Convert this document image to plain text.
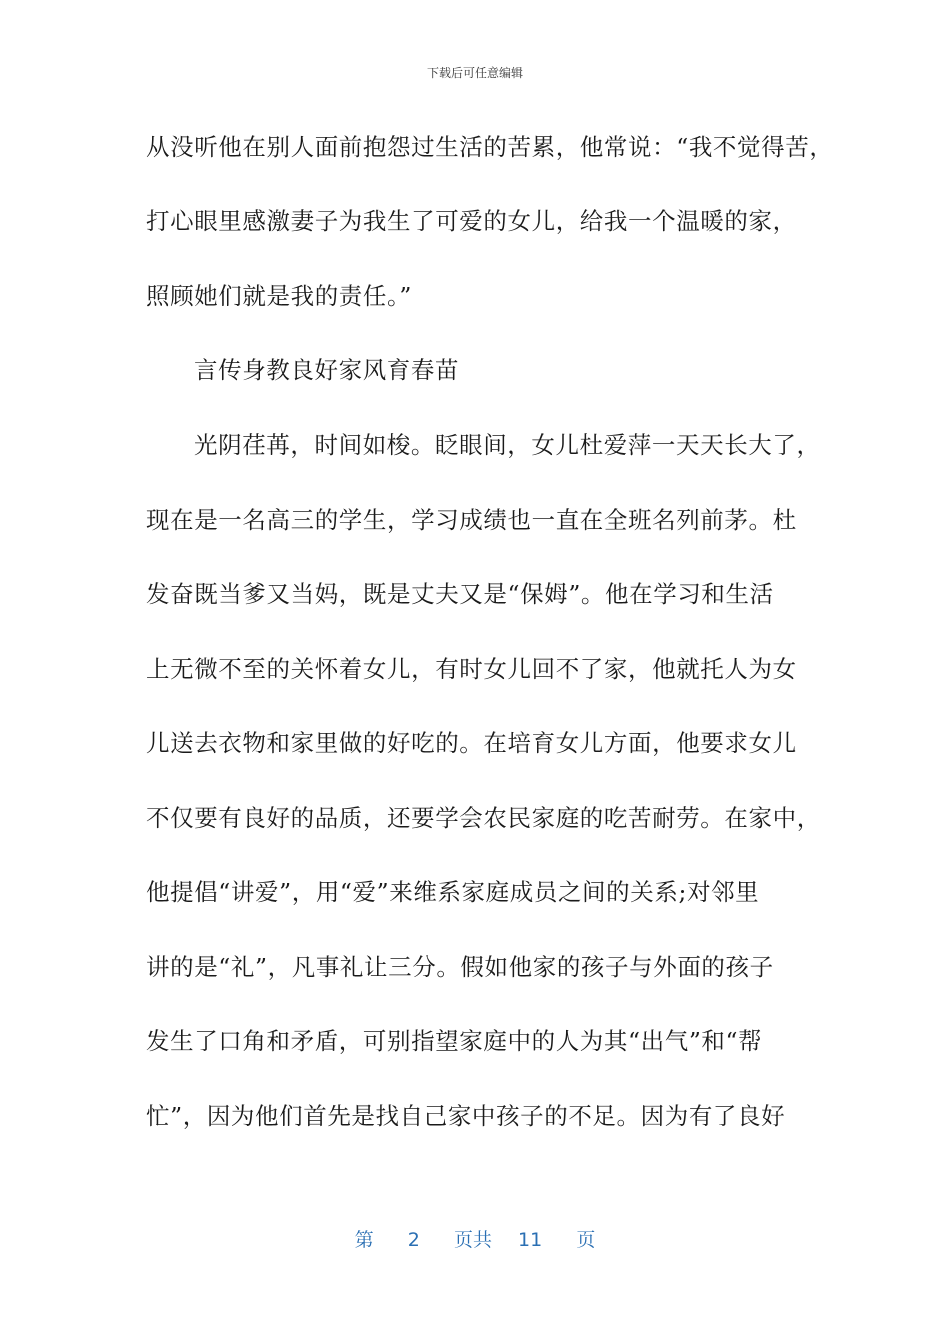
下载后可任意编辑
从没听他在别人面前抱怨过生活的苦累，他常说：“我不觉得苦，
打心眼里感激妻子为我生了可爱的女儿，给我一个温暖的家，
照顾她们就是我的责任。”
言传身教良好家风育春苗
光阴荏苒，时间如梭。眨眼间，女儿杜爱萍一天天长大了，
现在是一名高三的学生，学习成绩也一直在全班名列前茅。杜
发奋既当爹又当妈，既是丈夫又是“保姆”。他在学习和生活
上无微不至的关怀着女儿，有时女儿回不了家，他就托人为女
儿送去衣物和家里做的好吃的。在培育女儿方面，他要求女儿
不仅要有良好的品质，还要学会农民家庭的吃苦耐劳。在家中，
他提倡“讲爱”，用“爱”来维系家庭成员之间的关系;对邻里
讲的是“礼”，凡事礼让三分。假如他家的孩子与外面的孩子
发生了口角和矛盾，可别指望家庭中的人为其“出气”和“帮
忙”，因为他们首先是找自己家中孩子的不足。因为有了良好
第 2 页共 11 页
